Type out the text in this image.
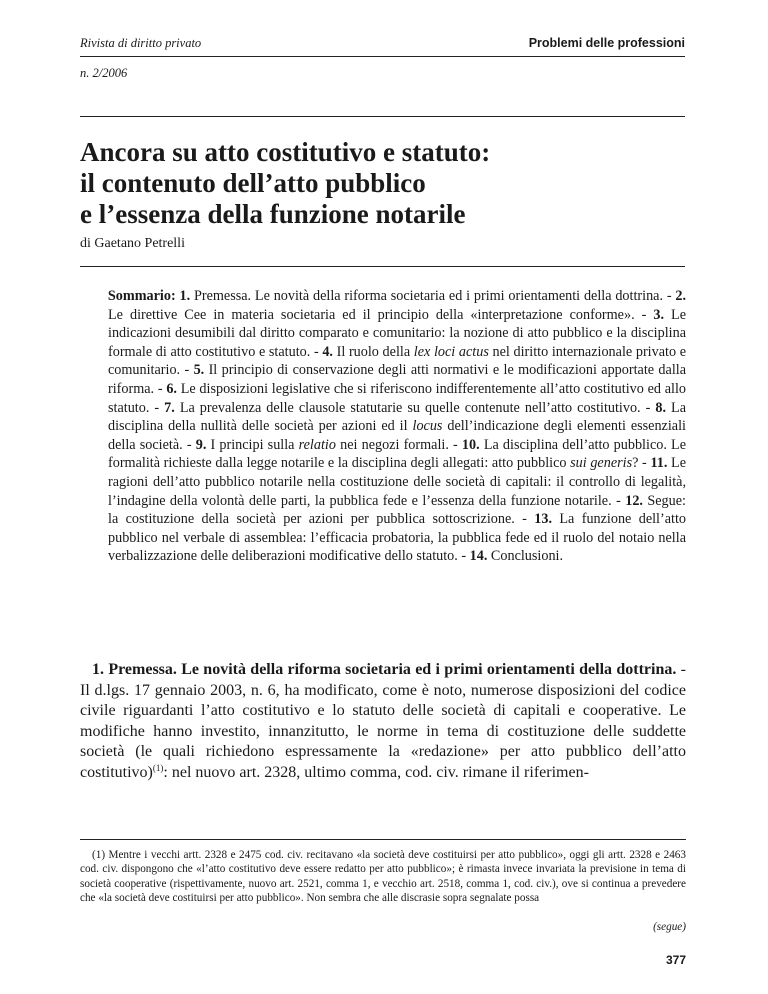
Rivista di diritto privato	Problemi delle professioni
n. 2/2006
Ancora su atto costitutivo e statuto:
il contenuto dell’atto pubblico
e l’essenza della funzione notarile
di Gaetano Petrelli
Sommario: 1. Premessa. Le novità della riforma societaria ed i primi orientamenti della dottrina. - 2. Le direttive Cee in materia societaria ed il principio della «interpretazione conforme». - 3. Le indicazioni desumibili dal diritto comparato e comunitario: la nozione di atto pubblico e la disciplina formale di atto costitutivo e statuto. - 4. Il ruolo della lex loci actus nel diritto internazionale privato e comunitario. - 5. Il principio di conservazione degli atti normativi e le modificazioni apportate dalla riforma. - 6. Le disposizioni legislative che si riferiscono indifferentemente all’atto costitutivo ed allo statuto. - 7. La prevalenza delle clausole statutarie su quelle contenute nell’atto costitutivo. - 8. La disciplina della nullità delle società per azioni ed il locus dell’indicazione degli elementi essenziali della società. - 9. I principi sulla relatio nei negozi formali. - 10. La disciplina dell’atto pubblico. Le formalità richieste dalla legge notarile e la disciplina degli allegati: atto pubblico sui generis? - 11. Le ragioni dell’atto pubblico notarile nella costituzione delle società di capitali: il controllo di legalità, l’indagine della volontà delle parti, la pubblica fede e l’essenza della funzione notarile. - 12. Segue: la costituzione della società per azioni per pubblica sottoscrizione. - 13. La funzione dell’atto pubblico nel verbale di assemblea: l’efficacia probatoria, la pubblica fede ed il ruolo del notaio nella verbalizzazione delle deliberazioni modificative dello statuto. - 14. Conclusioni.
1. Premessa. Le novità della riforma societaria ed i primi orientamenti della dottrina. - Il d.lgs. 17 gennaio 2003, n. 6, ha modificato, come è noto, numerose disposizioni del codice civile riguardanti l’atto costitutivo e lo statuto delle società di capitali e cooperative. Le modifiche hanno investito, innanzitutto, le norme in tema di costituzione delle suddette società (le quali richiedono espressamente la «redazione» per atto pubblico dell’atto costitutivo)$^{(1)}$: nel nuovo art. 2328, ultimo comma, cod. civ. rimane il riferimen-
(1) Mentre i vecchi artt. 2328 e 2475 cod. civ. recitavano «la società deve costituirsi per atto pubblico», oggi gli artt. 2328 e 2463 cod. civ. dispongono che «l’atto costitutivo deve essere redatto per atto pubblico»; è rimasta invece invariata la previsione in tema di società cooperative (rispettivamente, nuovo art. 2521, comma 1, e vecchio art. 2518, comma 1, cod. civ.), ove si continua a prevedere che «la società deve costituirsi per atto pubblico». Non sembra che alle discrasie sopra segnalate possa
(segue)
377
